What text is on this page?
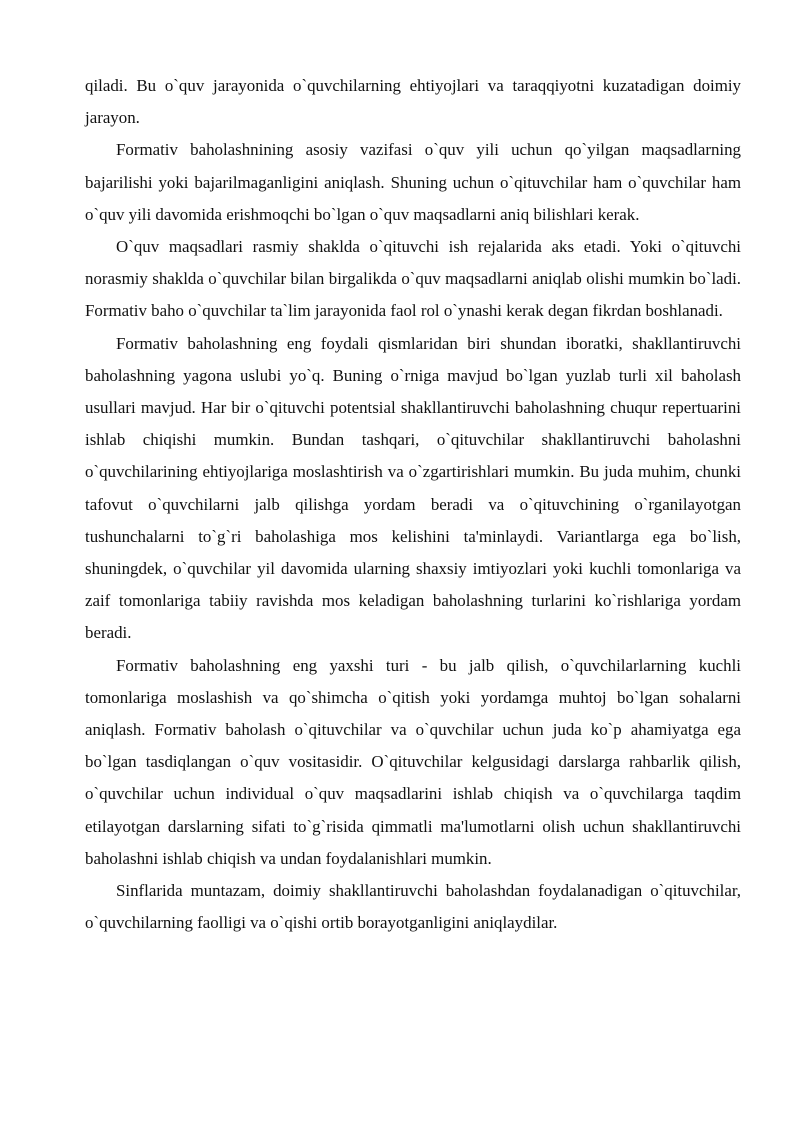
qiladi. Bu o`quv jarayonida o`quvchilarning ehtiyojlari va taraqqiyotni kuzatadigan doimiy jarayon.

Formativ baholashnining asosiy vazifasi o`quv yili uchun qo`yilgan maqsadlarning bajarilishi yoki bajarilmaganligini aniqlash. Shuning uchun o`qituvchilar ham o`quvchilar ham o`quv yili davomida erishmoqchi bo`lgan o`quv maqsadlarni aniq bilishlari kerak.

O`quv maqsadlari rasmiy shaklda o`qituvchi ish rejalarida aks etadi. Yoki o`qituvchi norasmiy shaklda o`quvchilar bilan birgalikda o`quv maqsadlarni aniqlab olishi mumkin bo`ladi. Formativ baho o`quvchilar ta`lim jarayonida faol rol o`ynashi kerak degan fikrdan boshlanadi.

Formativ baholashning eng foydali qismlaridan biri shundan iboratki, shakllantiruvchi baholashning yagona uslubi yo`q. Buning o`rniga mavjud bo`lgan yuzlab turli xil baholash usullari mavjud. Har bir o`qituvchi potentsial shakllantiruvchi baholashning chuqur repertuarini ishlab chiqishi mumkin. Bundan tashqari, o`qituvchilar shakllantiruvchi baholashni o`quvchilarining ehtiyojlariga moslashtirish va o`zgartirishlari mumkin. Bu juda muhim, chunki tafovut o`quvchilarni jalb qilishga yordam beradi va o`qituvchining o`rganilayotgan tushunchalarni to`g`ri baholashiga mos kelishini ta'minlaydi. Variantlarga ega bo`lish, shuningdek, o`quvchilar yil davomida ularning shaxsiy imtiyozlari yoki kuchli tomonlariga va zaif tomonlariga tabiiy ravishda mos keladigan baholashning turlarini ko`rishlariga yordam beradi.

Formativ baholashning eng yaxshi turi - bu jalb qilish, o`quvchilarlarning kuchli tomonlariga moslashish va qo`shimcha o`qitish yoki yordamga muhtoj bo`lgan sohalarni aniqlash. Formativ baholash o`qituvchilar va o`quvchilar uchun juda ko`p ahamiyatga ega bo`lgan tasdiqlangan o`quv vositasidir. O`qituvchilar kelgusidagi darslarga rahbarlik qilish, o`quvchilar uchun individual o`quv maqsadlarini ishlab chiqish va o`quvchilarga taqdim etilayotgan darslarning sifati to`g`risida qimmatli ma'lumotlarni olish uchun shakllantiruvchi baholashni ishlab chiqish va undan foydalanishlari mumkin.

Sinflarida muntazam, doimiy shakllantiruvchi baholashdan foydalanadigan o`qituvchilar, o`quvchilarning faolligi va o`qishi ortib borayotganligini aniqlaydilar.
